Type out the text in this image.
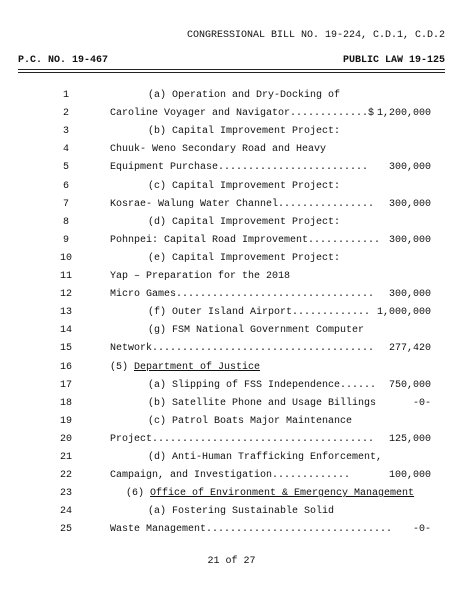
CONGRESSIONAL BILL NO. 19-224, C.D.1, C.D.2
P.C. NO. 19-467	PUBLIC LAW 19-125
1	(a) Operation and Dry-Docking of
2	Caroline Voyager and Navigator.............$ 1,200,000
3	(b) Capital Improvement Project:
4	Chuuk- Weno Secondary Road and Heavy
5	Equipment Purchase......................... 300,000
6	(c) Capital Improvement Project:
7	Kosrae- Walung Water Channel................ 300,000
8	(d) Capital Improvement Project:
9	Pohnpei: Capital Road Improvement............ 300,000
10	(e) Capital Improvement Project:
11	Yap – Preparation for the 2018
12	Micro Games................................. 300,000
13	(f) Outer Island Airport............. 1,000,000
14	(g) FSM National Government Computer
15	Network..................................... 277,420
16	(5) Department of Justice
17	(a) Slipping of FSS Independence...... 750,000
18	(b) Satellite Phone and Usage Billings	-0-
19	(c) Patrol Boats Major Maintenance
20	Project..................................... 125,000
21	(d) Anti-Human Trafficking Enforcement,
22	Campaign, and Investigation.............	100,000
23	(6) Office of Environment & Emergency Management
24	(a) Fostering Sustainable Solid
25	Waste Management............................... -0-
21 of 27
